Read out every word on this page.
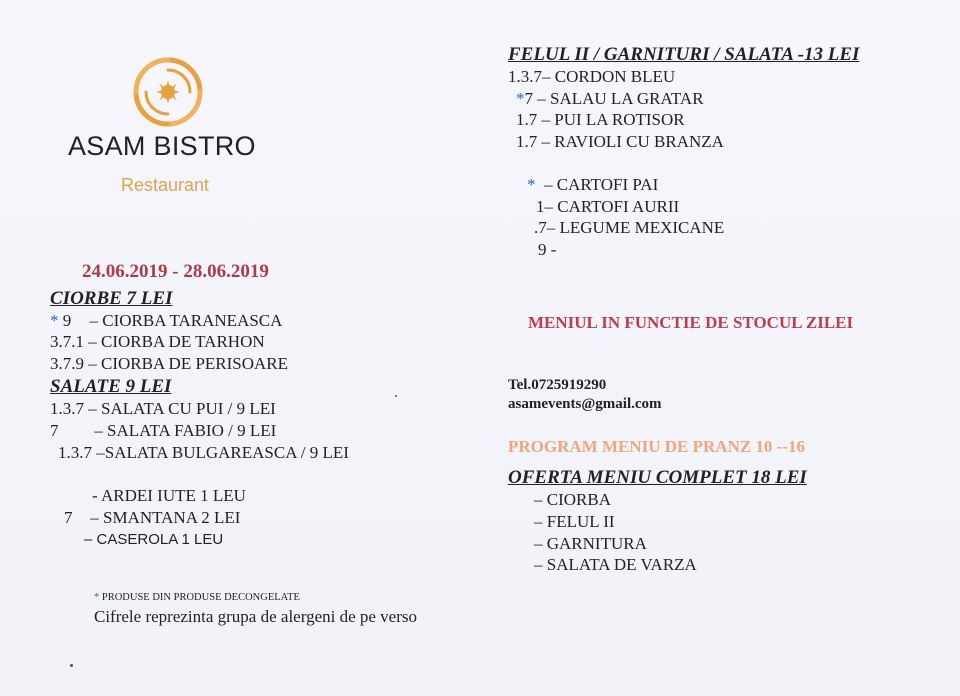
ASAM BISTRO
Restaurant
24.06.2019 - 28.06.2019
CIORBE 7 LEI
* 9 – CIORBA TARANEASCA
3.7.1 – CIORBA DE TARHON
3.7.9 – CIORBA DE PERISOARE
SALATE 9 LEI
1.3.7 – SALATA CU PUI / 9 LEI
7 – SALATA FABIO / 9 LEI
1.3.7 –SALATA BULGAREASCA / 9 LEI
- ARDEI IUTE 1 LEU
7 – SMANTANA 2 LEI
– CASEROLA 1 LEU
* PRODUSE DIN PRODUSE DECONGELATE
Cifrele reprezinta grupa de alergeni de pe verso
FELUL II / GARNITURI / SALATA -13 LEI
1.3.7– CORDON BLEU
*7 – SALAU LA GRATAR
1.7 – PUI LA ROTISOR
1.7 – RAVIOLI CU BRANZA
*  – CARTOFI PAI
1– CARTOFI AURII
.7– LEGUME MEXICANE
9 -
MENIUL IN FUNCTIE DE STOCUL ZILEI
Tel.0725919290
asamevents@gmail.com
PROGRAM MENIU DE PRANZ 10 --16
OFERTA MENIU COMPLET 18 LEI
– CIORBA
– FELUL II
– GARNITURA
– SALATA DE VARZA
